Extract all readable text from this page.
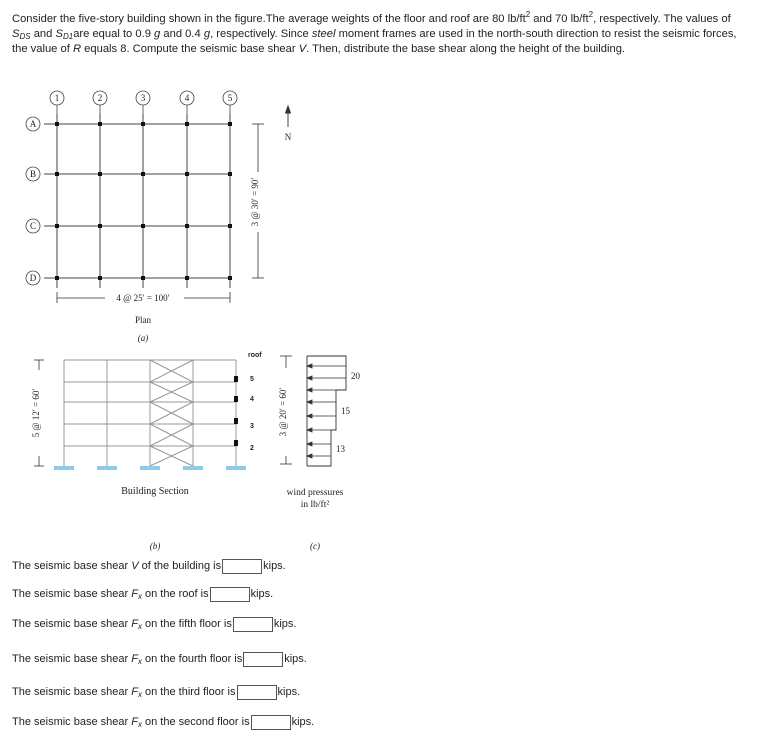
Consider the five-story building shown in the figure.The average weights of the floor and roof are 80 $lb/ft^2$ and 70 $lb/ft^2$, respectively. The values of SDS and SD1are equal to 0.9 g and 0.4 g, respectively. Since steel moment frames are used in the north-south direction to resist the seismic forces, the value of R equals 8. Compute the seismic base shear V. Then, distribute the base shear along the height of the building.
1	2	3	4	5
A
B
C
D
3 @ 30′ = 90′
N
4 @ 25′ = 100′
Plan
(a)
roof
5
4
3
2
5 @ 12′ = 60′
Building Section
(b)
3 @ 20′ = 60′
20
15
13
wind pressures
in lb/ft²
(c)
The seismic base shear V of the building is	kips.
The seismic base shear Fx on the roof is	kips.
The seismic base shear Fx on the fifth floor is	kips.
The seismic base shear Fx on the fourth floor is	kips.
The seismic base shear Fx on the third floor is	kips.
The seismic base shear Fx on the second floor is	kips.
